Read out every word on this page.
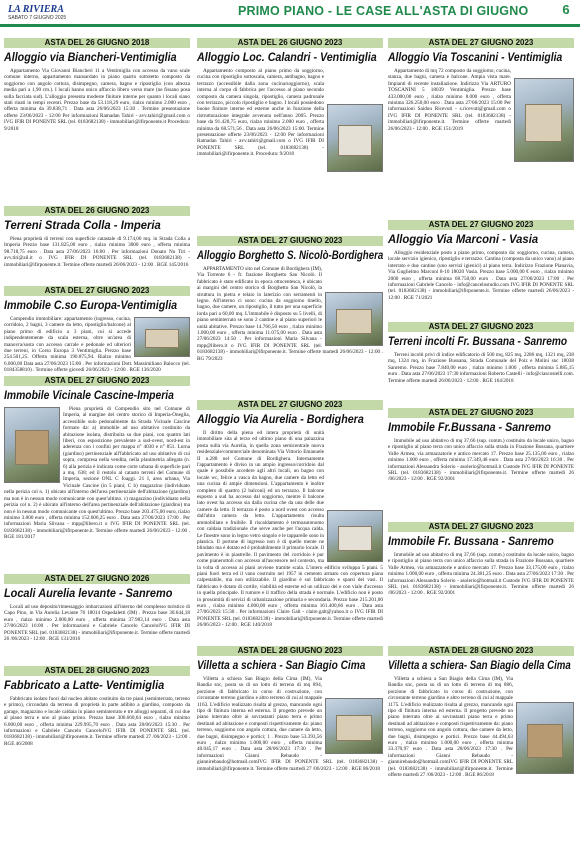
LA RIVIERA
SABATO 7 GIUGNO 2025	PRIMO PIANO - LE CASE ALL'ASTA DI GIUGNO	6
ASTA DEL 26 GIUGNO 2018
Alloggio via Biancheri-Ventimiglia

Appartamento Via Giovanni Biancheri 11 a Ventimiglia con accesso da vano scale comune interno, appartamento mansardato in piano quarto sottotetto composto da soggiorno con angolo cottura, disimpegno, camera, bagno e ripostiglio (con altezza media pari a 1,90 cm.). I locali hanno unico affaccio libero verso mare (ne fissano posa sulla facciata sud). L'alloggio presenta modeste finiture interne per quanto i locali siano stati rinati in tempi recenti. Prezzo base da 53.118,29 euro, rialzo minimo 2.000 euro , offerta minima da 39.838,71 . Data asta 26/06/2023 15:30 . Termine presentazione offerte 23/06/2023 - 12:00 Per informazioni Ramadan Tahiri - avv.tahiri@gmail.com o IVG IFIR DI PONENTE SRL (tel. 0183682138) - immobiliari@ifirponente.it Procedura: 9/2018

ASTA DEL 26 GIUGNO 2023
Terreni Strada Colla - Imperia

Piena proprietà di terreni con superficie catastale di 9.174,00 mq. in Strada Colla a Imperia Prezzo base 131.825,00 euro , rialzo minimo 3000 euro , offerta minima 98.718,75 euro . Data asta 27/06/2023 16:00 . Per informazioni Donato Nu Tiri - avv.tiri@ail.it o IVG IFIR DI PONENTE SRL (tel. 0183682138) - immobiliari@ifirponente.it. Termine offerte martedì 26/06/2023 - 12:00 . RGE 145/2016

ASTA DEL 27 GIUGNO 2023
Immobile C.so Europa-Ventimiglia

Compendio immobiliare: appartamento (ingresso, cucina, corridoio, 2 bagni, 3 camere da letto, ripostiglio/balcone) al piano primo di edificio a 3 piani, cui si accede indipendentemente da scala esterna, oltre un'area di manovra/sosta con accesso carrale e pedonale ed ulteriori due terreni, in Corso Europa 3 Ventimiglia. Prezzo base 254.501,25. Offerta minima 190.875,94. Rialzo minimo 6.000,00 Data asta 27/06/2023 15:00 . Per informazioni Dott. Massimiliano Balocco (tel. 0184358810) . Termine offerte giovedì 26/06/2023 - 12:00 . RGE 136/2020

ASTA DEL 27 GIUGNO 2023
Immobile Vicinale Cascine-Imperia

Piena proprietà di Compendio sito nel Comune di Imperia, al margine del centro storico di Imperia-Oneglia, accessibile sulo pedonalmente da Strada Vicinale Cascine formato da: a) immobile ad uso abitativo costituito da abitazione isolata, distribuita su due piani, con quattro lati liberi, con esposizione prevalente a sud-ovest, nord-est in aderenza con i confini per mappa n° 4030 e n° 851. Lorna (giardino) pertinenziale all'fabbricato ad uso abitativo di cui sopra, compresa nella vendita, nella planimetria allegata (n. 6) alla perizia è indicata come corte urbana di superficie pari a mq. 638; ed il restolo al catasto terreni del Comune di Imperia, sezione ONL C foaggi. 21 I, area urbana, Via Vicinale Cascine (in 5 piani; C b) magazzino (individuato nella perizia col n. 1) ubicato all'interno dell'area pertinenziale dell'abitazione (giardino) ma non è in nessun modo comunicante con quest'ultimo. c) magazzino (individuato nella perizia col n. 2) è ubicato all'interno dell'area pertinenziale dell'abitazione (giardino) ma non è in nessun modo comunicante con quest'ultimo. Prezzo base 203.475,00 euro, rialzo minimo 3.000 euro , offerta minima 152.606,25 euro . Data asta 27/06/2023 17:00 . Per informazioni Maria Silvana - mpp@libero.it o IVG IFIR DI PONENTE SRL (tel. 0183682138) - immobiliari@ifirponente.it. Termine offerte martedì 26/06/2023 - 12:00 . RGE 181/2017

ASTA DEL 27 GIUGNO 2026
Locali Aurelia levante - Sanremo

Locali ad uso deposito/rimessaggio imbarcazioni all'interno del complesso turistico di Capo Pino, in Via Aurelia Levante 76 18014 Ospedaletti (IM) . Prezzo base 30.644,18 euro , rialzo minimo 2.000,00 euro , offerta minima 37.983,14 euro . Data asta 27/06/2023 16:00 . Per informazioni e Gabriele Cancelo CancelolVG IFIR DI PONENTE SRL (tel. 0183682138) - immobiliari@ifirponente.it. Termine offerte martedì 26 /06/2023 - 12:00 . RGE 131/2016

ASTA DEL 28 GIUGNO 2023
Fabbricato a Latte- Ventimiglia

Fabbricato isolato fuori dal nucleo abitato costituito da tre piani (seminterrato, terreno e primo), circondato da terreno di proprietà in parte adibito a giardino, composto da garage, magazzino e locale caldaia in piano seminterrato e tre alloggi separati, di cui due al piano terra e uno al piano primo. Prezzo base 306.660,64 euro , rialzo minimo 6.000,00 euro , offerta minima 229.995,70 euro . Data asta 28/06/2023 15:30 . Per informazioni e Gabriele Cancelo CancelolVG IFIR DI PONENTE SRL (tel. 0183682138) - immobiliari@ifirponente.it. Termine offerte martedì 27 /06/2023 - 12:00 . RGE 46/2008

ASTA DEL 26 GIUGNO 2023
Alloggio Loc. Calandri - Ventimiglia

Appartamento composto al piano primo da soggiorno, cucina con ripostiglio sottoscala, camera, antibagno, bagno e terrazzo (accessibile dalla zona cucina/soggiorno), scala interna al corpo di fabbrica per l'accesso al piano secondo composto da camera singola, ripostiglio, camera padronale con terrazzo, piccolo ripostiglio e bagno. I locali possiedono buone finiture interne ed esterne anche in funzione della ristrutturazione integrale avvenuta nell'anno 2005. Prezzo base da 91.428,75 euro, rialzo minimo 2.000 euro , offerta minima da 68.571,56 . Data asta 26/06/2023 15:00. Termine presentazione offerte 23/06/2023 - 12:00 Per informazioni Ramadan Tahiri - avv.tahiri@gmail.com o IVG IFIR DI PONENTE SRL (tel. 0183682138) - immobiliari@ifirponente.it. Procedura: 9/2018

ASTA DEL 27 GIUGNO 2023
Alloggio Borghetto S. Nicolò-Bordighera

APPARTAMENTO sito nel Comune di Bordighera (IM), Via Torrente 6 - fr. frazione Borghetto San Nicolò. Il fabbricato è stato edificato in epoca ottocentesca, è ubicato ai margini del centro storico di Borghetto San Nicolò, la struttura in pietra e telaio in laterizio con serramenti in legno. All'interno ci sono: cucina da soggiorno tinello, bagno, due camere, un ripostiglio, il tutto per una superficie lorda pari a 60,00 mq. L'immobile è disposto su 5 livelli, di piano seminterrato se sono 2 cantine e al piano superiori le unità abitative. Prezzo base 14.766,50 euro , rialzo minimo 1.000,00 euro , offerta minima 11.075,00 euro . Data asta 27/06/2023 14:50 . Per informazioni Maria Silvana - mpp@libero.it o IVG IFIR DI PONENTE SRL (tel. 0183682138) - immobiliari@ifirponente.it. Termine offerte martedì 26/06/2023 - 12:00 . RG 79/2023

ASTA DEL 27 GIUGNO 2023
Alloggio Via Aurelia - Bordighera

Il diritto della piena ed intera proprietà di unità immobiliare sita al terzo ed ultimo piano di una palazzina posta sulla via Aurelia, in quella zona semicentrale nuova residenziale/commerciale denominata Via Vittorio Emanuele II n.288 nel Comune di Bordighera. Internamente l'appartamento è diviso in un ampio ingresso/corridoio dal quale è possibile accedere agli altri locali, un bagno con locale wc, felice a vasca da bagno, due camere da letto ed una cucina di ampie dimensioni. L'appartamento è inoltre completo di quattro (2 balconi) ed un terrazzo. Il balcone esposto a sud ha accesso dal soggiorno, mentre il balcone lato ovest ha accesso sia dalla cucina che da una delle due camere da letto. Il terrazzo è posto a nord ovest con accesso dall'altra camera da letto. L'appartamento risulta ammobiliato e fruibile. Il riscaldamento è termoautonomo con caldaia tradizionale che serve anche per l'acqua calda. Le finestre sono in legno vetro singolo e le tapparelle sono in plastica. Il portone di ingresso non è di quelle mente ne blindato ma è dotato ed è probabilmente il primario locale. Il pavimento è in piastrelle. Il pavimento del corridoio è pur come pianerottoli con accesso all'ascensore nel contesto, ma la volta di accesso ai piani avviene tramite scala. L'intero edificio sviluppa 5 piani. 5 piani fuori terra ed il vano costruito nel 1957 in cemento armato con copertura piana calpestabile, ma non utilizzabile. Il giardino è sul fabbricato e sparsi dei vasi. Il fabbricato è dotato di cortile, viabilità ed esterne ed un utilizzo dei e con viale d'accesso in quella principale. Il rumore e il traffico della strada è normale. L'edificio non è posto in prossimità di servizi di urbanizzazione primaria e secondaria. Prezzo base 215.201,00 euro , rialzo minimo 4.000,00 euro , offerta minima 161.400,66 euro . Data asta 27/06/2023 15:30 . Per informazioni Claire Galt - claire.galt@yahoo.it o IVG IFIR DI PONENTE SRL (tel. 0183682138) - immobiliari@ifirponente.it. Termine offerte martedì 26/06/2023 - 12:00 . RGE 140/2018

ASTA DEL 28 GIUGNO 2023
Villetta a schiera - San Biagio Cima

Villetta a schiera San Biagio della Cima (IM), Via Bandia snc, posta su di un lotto di terreno di mq 894, porzione di fabbricato in corso di costruzione, con circostante terreno giardino e altro terreno di cui al mappale 1163. L'edificio realizzato risulta al grezzo, mancando ogni tipo di finitura interna ed esterna. Il progetto prevede un piano interrato oltre ai sovrastanti piano terra e primo destinati ad abitazione e composti rispettivamente da: piano terreno, soggiorno con angolo cottura, due camere da letto, due bagni, disimpegno e portici; 1 . Prezzo base 53.393,56 euro , rialzo minimo 1.000,00 euro , offerta minima 40.045,17 euro . Data asta 28/06/2023 17:30 . Per informazioni Gianni Rebaudo - giannirebaudo@hotmail.comIVG IFIR DI PONENTE SRL (tel. 0183682138) - immobiliari@ifirponente.it. Termine offerte martedì 27 /06/2023 - 12:00 . RGE 86/2018

ASTA DEL 27 GIUGNO 2023
Alloggio Via Toscanini - Ventimiglia

Appartamento di mq 72 composto da soggiorno, cucina, stanza, due bagni, camera e balcone. Ampia vista mare. Impianti di recente installazione. Indirizzo Via ARTURO TOSCANINI 5 18039 Ventimiglia. Prezzo base 433.000,00 euro , rialzo minimo 8.000 euro , offerta minima 326.250,00 euro . Data asta 27/06/2023 15:00 Per informazioni Saidou Ricevuti - s.ricevuti@gmail.com o IVG IFIR DI PONENTE SRL (tel. 0183682138) - immobiliari@ifirponente.it. Termine offerte martedì 26/06/2023 - 12:00 . RGE 151/2019

ASTA DEL 27 GIUGNO 2023
Alloggio Via Marconi - Vasia

Alloggio residenziale posto a piano primo, composto da: soggiorno, cucina, camera, locale servizio igienico, ripostiglio e terrazzo. Cantina (composta da unico vano) al piano interrato e due cantine (uno servizi igienici) al piano terra. Indirizzo Frazione Pianavia, Via Guglielmo Marconi 8-10 18020 Vasia. Prezzo base 5.000,00 € euro , rialzo minimo 2000 euro , offerta minima 68.750,00 euro . Data asta 27/06/2023 17:00 . Per informazioni Gabriele Cancelo - info@cancelostudio.com IVG IFIR DI PONENTE SRL (tel. 0183682138) - immobiliari@ifirponente.it. Termine offerte martedì 26/06/2023 - 12:00 . RGE 71/2021

ASTA DEL 27 GIUGNO 2023
Terreni incolti Fr. Bussana - Sanremo

Terreni incolti privi di indice edificatorio di 500 mq, 825 mq, 2286 mq, 1321 mq, 238 mq, 1324 mq, in Frazione Bussana, Strada Comunale del Poiz e Molini snc 18038 Sanremo. Prezzo base 7.840,00 euro , rialzo minimo 1.000 , offerta minima 5.885,15 euro . Data asta 27/06/2023 17:30 informazioni Roberto Castelli - info@ciascostelli.com. Termine offerte martedì 26/06/2023 - 12:00 . RGE 164/2018

ASTA DEL 27 GIUGNO 2023
Immobile Fr.Bussana - Sanremo

Immobile ad uso abitativo di mq 37,66 (sup. comm.) costituito da locale unico, bagno e ripostiglio al piano terra con unico affaccio sulla strada in Frazione Bussana, quartiere Valle Armea, via armazzatorie e antico mercato 17. Prezzo base 25.135,00 euro , rialzo minimo 1.000 euro , offerta minima 17.349,48 euro . Data asta 27/06/2023 16:30 . Per informazioni Alessandra Solerio - asolerio@hotmail.it Custode IVG IFIR DI PONENTE SRL (tel. 0183682138) - immobiliari@ifirponente.it. Termine offerte martedì 26 /06/2023 - 12:00 . RGE 92/2001

ASTA DEL 27 GIUGNO 2023
Immobile Fr. Bussana - Sanremo

Immobile ad uso abitativo di mq 37,66 (sup. comm.) costituito da locale unico, bagno e ripostiglio al piano terra con unico affaccio sulla strada in Frazione Bussana, quartiere Valle Armea, via armazzatorie e antico mercato 17. Prezzo base 33.175,00 euro , rialzo minimo 1.000,00 euro , offerta minima 24.381,25 euro . Data asta 27/06/2023 17:30 . Per informazioni Alessandra Solerio - asolerio@hotmail.it Custode IVG IFIR DI PONENTE SRL (tel. 0183682138) - immobiliari@ifirponente.it. Termine offerte martedì 26 /06/2023 - 12:00 . RGE 92/2001

ASTA DEL 28 GIUGNO 2023
Villetta a schiera- San Biagio della Cima

Villetta a schiera a San Biagio della Cima (IM), Via Bandia snc, posta su di un lotto di terreno di mq 886, porzione di fabbricato in corso di costruzione, con circostante terreno giardino e altro terreno di cui al mappale 1175. L'edificio realizzato risulta al grezzo, mancando ogni tipo di finitura interna ed esterna. Il progetto prevede un piano interrato oltre ai sovrastanti piano terra e primo destinati ad abitazione e composti rispettivamente da: piano terreno, soggiorno con angolo cottura, due camere da letto, due bagni, disimpegno e portici. Prezzo base 44.494,63 euro , rialzo minimo 1.000,00 euro , offerta minima 33.370,97 euro . Data asta 28/06/2023 17:30 . Per informazioni Gianni Rebaudo - giannirebaudo@hotmail.comIVG IFIR DI PONENTE SRL (tel. 0183682138) - immobiliari@ifirponente.it. Termine offerte martedì 27 /06/2023 - 12:00 . RGE 86/2018
